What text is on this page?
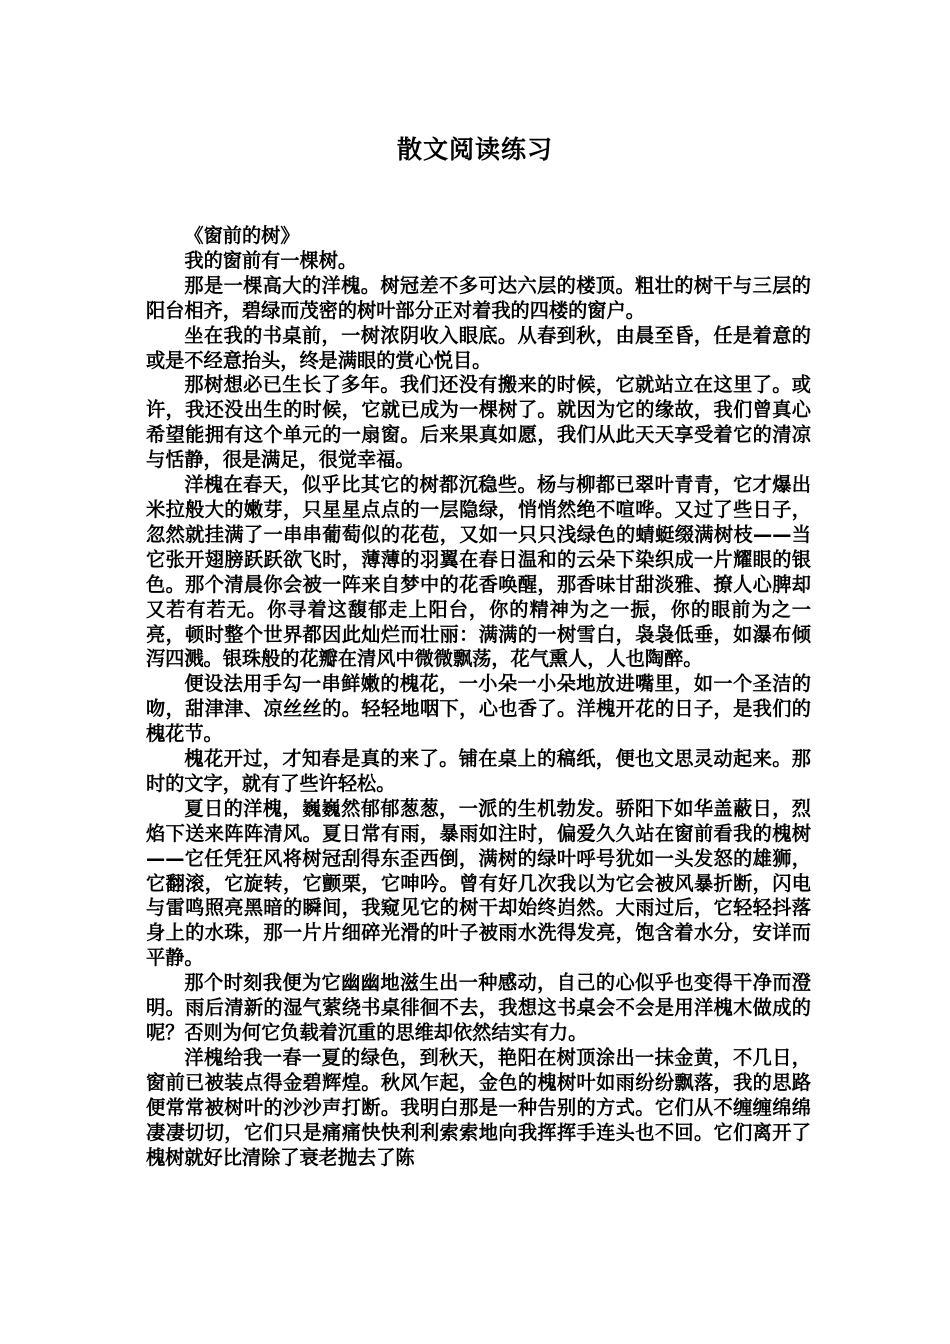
散文阅读练习

《窗前的树》

我的窗前有一棵树。

那是一棵高大的洋槐。树冠差不多可达六层的楼顶。粗壮的树干与三层的阳台相齐，碧绿而茂密的树叶部分正对着我的四楼的窗户。

坐在我的书桌前，一树浓阴收入眼底。从春到秋，由晨至昏，任是着意的或是不经意抬头，终是满眼的赏心悦目。

那树想必已生长了多年。我们还没有搬来的时候，它就站立在这里了。或许，我还没出生的时候，它就已成为一棵树了。就因为它的缘故，我们曾真心希望能拥有这个单元的一扇窗。后来果真如愿，我们从此天天享受着它的清凉与恬静，很是满足，很觉幸福。

洋槐在春天，似乎比其它的树都沉稳些。杨与柳都已翠叶青青，它才爆出米拉般大的嫩芽，只星星点点的一层隐绿，悄悄然绝不喧哗。又过了些日子，忽然就挂满了一串串葡萄似的花苞，又如一只只浅绿色的蜻蜓缀满树枝——当它张开翅膀跃跃欲飞时，薄薄的羽翼在春日温和的云朵下染织成一片耀眼的银色。那个清晨你会被一阵来自梦中的花香唤醒，那香味甘甜淡雅、撩人心脾却又若有若无。你寻着这馥郁走上阳台，你的精神为之一振，你的眼前为之一亮，顿时整个世界都因此灿烂而壮丽：满满的一树雪白，袅袅低垂，如瀑布倾泻四溅。银珠般的花瓣在清风中微微飘荡，花气熏人，人也陶醉。

便设法用手勾一串鲜嫩的槐花，一小朵一小朵地放进嘴里，如一个圣洁的吻，甜津津、凉丝丝的。轻轻地咽下，心也香了。洋槐开花的日子，是我们的槐花节。

槐花开过，才知春是真的来了。铺在桌上的稿纸，便也文思灵动起来。那时的文字，就有了些许轻松。

夏日的洋槐，巍巍然郁郁葱葱，一派的生机勃发。骄阳下如华盖蔽日，烈焰下送来阵阵清风。夏日常有雨，暴雨如注时，偏爱久久站在窗前看我的槐树——它任凭狂风将树冠刮得东歪西倒，满树的绿叶呼号犹如一头发怒的雄狮，它翻滚，它旋转，它颤栗，它呻吟。曾有好几次我以为它会被风暴折断，闪电与雷鸣照亮黑暗的瞬间，我窥见它的树干却始终岿然。大雨过后，它轻轻抖落身上的水珠，那一片片细碎光滑的叶子被雨水洗得发亮，饱含着水分，安详而平静。

那个时刻我便为它幽幽地滋生出一种感动，自己的心似乎也变得干净而澄明。雨后清新的湿气萦绕书桌徘徊不去，我想这书桌会不会是用洋槐木做成的呢？否则为何它负载着沉重的思维却依然结实有力。

洋槐给我一春一夏的绿色，到秋天，艳阳在树顶涂出一抹金黄，不几日，窗前已被装点得金碧辉煌。秋风乍起，金色的槐树叶如雨纷纷飘落，我的思路便常常被树叶的沙沙声打断。我明白那是一种告别的方式。它们从不缠缠绵绵凄凄切切，它们只是痛痛快快利利索索地向我挥挥手连头也不回。它们离开了槐树就好比清除了衰老抛去了陈
